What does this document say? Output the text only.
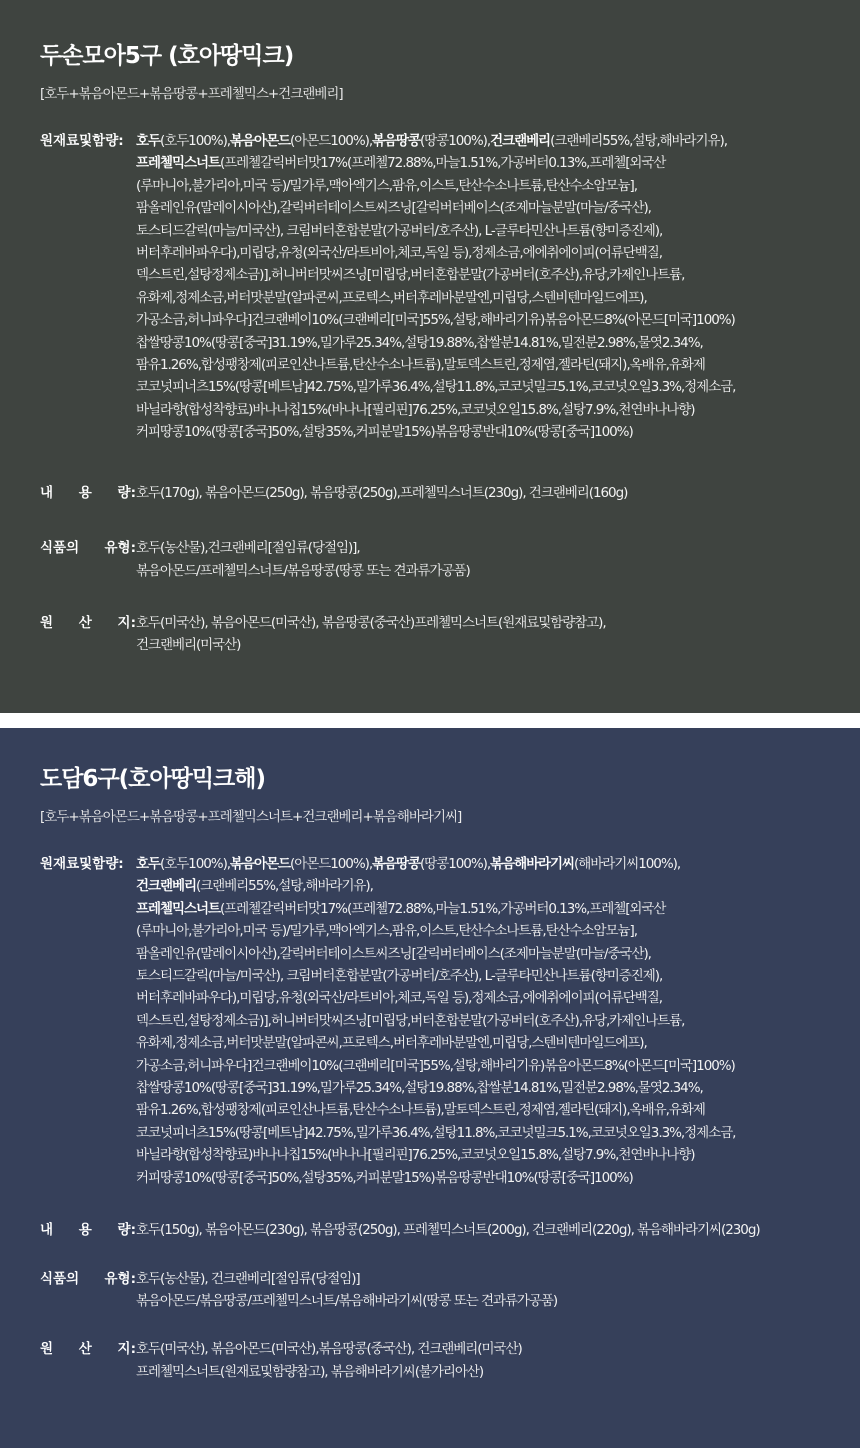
두손모아5구 (호아땅믹크)
[호두+볶음아몬드+볶음땅콩+프레첼믹스+건크랜베리]
원재료및함량: 호두(호두100%),볶음아몬드(아몬드100%),볶음땅콩(땅콩100%),건크랜베리(크랜베리55%,설탕,해바라기유),
프레첼믹스너트(프레첼갈릭버터맛17%(프레첼72.88%,마늘1.51%,가공버터0.13%,프레첼[외국산
(루마니아,불가리아,미국 등)/밀가루,맥아엑기스,팜유,이스트,탄산수소나트륨,탄산수소암모늄],
팜올레인유(말레이시아산),갈릭버터테이스트씨즈닝[갈릭버터베이스(조제마늘분말(마늘/중국산),
토스티드갈릭(마늘/미국산), 크림버터혼합분말(가공버터/호주산), L-글루타민산나트륨(향미증진제),
버터후레바파우다),미립당,유청(외국산/라트비아,체코,독일 등),정제소금,에에취에이피(어류단백질,
덱스트린,설탕정제소금)],허니버터맛씨즈닝[미립당,버터혼합분말(가공버터(호주산),유당,카제인나트륨,
유화제,정제소금,버터맛분말(알파콘씨,프로텍스,버터후레바분말엔,미립당,스텐비텐마일드에프),
가공소금,허니파우다]건크랜베이10%(크랜베리[미국]55%,설탕,해바리기유)볶음아몬드8%(아몬드[미국]100%)
찹쌀땅콩10%(땅콩[중국]31.19%,밀가루25.34%,설탕19.88%,찹쌀분14.81%,밀전분2.98%,물엿2.34%,
팜유1.26%,합성팽창제(피로인산나트륨,탄산수소나트륨),말토덱스트린,정제염,젤라틴(돼지),옥배유,유화제
코코넛피너츠15%(땅콩[베트남]42.75%,밀가루36.4%,설탕11.8%,코코넛밀크5.1%,코코넛오일3.3%,정제소금,
바닐라향(합성착향료)바나나칩15%(바나나[필리핀]76.25%,코코넛오일15.8%,설탕7.9%,천연바나나향)
커피땅콩10%(땅콩[중국]50%,설탕35%,커피분말15%)볶음땅콩반대10%(땅콩[중국]100%)
내 용 량: 호두(170g), 볶음아몬드(250g), 볶음땅콩(250g),프레첼믹스너트(230g), 건크랜베리(160g)
식품의 유형: 호두(농산물),건크랜베리[절임류(당절임)],
볶음아몬드/프레첼믹스너트/볶음땅콩(땅콩 또는 견과류가공품)
원 산 지: 호두(미국산), 볶음아몬드(미국산), 볶음땅콩(중국산)프레첼믹스너트(원재료및함량참고),
건크랜베리(미국산)
도담6구(호아땅믹크해)
[호두+볶음아몬드+볶음땅콩+프레첼믹스너트+건크랜베리+볶음해바라기씨]
원재료및함량: 호두(호두100%),볶음아몬드(아몬드100%),볶음땅콩(땅콩100%),볶음해바라기씨(해바라기씨100%),
건크랜베리(크랜베리55%,설탕,해바라기유),
프레첼믹스너트(프레첼갈릭버터맛17%(프레첼72.88%,마늘1.51%,가공버터0.13%,프레첼[외국산
(루마니아,불가리아,미국 등)/밀가루,맥아엑기스,팜유,이스트,탄산수소나트륨,탄산수소암모늄],
팜올레인유(말레이시아산),갈릭버터테이스트씨즈닝[갈릭버터베이스(조제마늘분말(마늘/중국산),
토스티드갈릭(마늘/미국산), 크림버터혼합분말(가공버터/호주산), L-글루타민산나트륨(향미증진제),
버터후레바파우다),미립당,유청(외국산/라트비아,체코,독일 등),정제소금,에에취에이피(어류단백질,
덱스트린,설탕정제소금)],허니버터맛씨즈닝[미립당,버터혼합분말(가공버터(호주산),유당,카제인나트륨,
유화제,정제소금,버터맛분말(알파콘씨,프로텍스,버터후레바분말엔,미립당,스텐비텐마일드에프),
가공소금,허니파우다]건크랜베이10%(크랜베리[미국]55%,설탕,해바리기유)볶음아몬드8%(아몬드[미국]100%)
찹쌀땅콩10%(땅콩[중국]31.19%,밀가루25.34%,설탕19.88%,찹쌀분14.81%,밀전분2.98%,물엿2.34%,
팜유1.26%,합성팽창제(피로인산나트륨,탄산수소나트륨),말토덱스트린,정제염,젤라틴(돼지),옥배유,유화제
코코넛피너츠15%(땅콩[베트남]42.75%,밀가루36.4%,설탕11.8%,코코넛밀크5.1%,코코넛오일3.3%,정제소금,
바닐라향(합성착향료)바나나칩15%(바나나[필리핀]76.25%,코코넛오일15.8%,설탕7.9%,천연바나나향)
커피땅콩10%(땅콩[중국]50%,설탕35%,커피분말15%)볶음땅콩반대10%(땅콩[중국]100%)
내 용 량: 호두(150g), 볶음아몬드(230g), 볶음땅콩(250g), 프레첼믹스너트(200g), 건크랜베리(220g), 볶음해바라기씨(230g)
식품의 유형: 호두(농산물), 건크랜베리[절임류(당절임)]
볶음아몬드/볶음땅콩/프레첼믹스너트/볶음해바라기씨(땅콩 또는 견과류가공품)
원 산 지: 호두(미국산), 볶음아몬드(미국산),볶음땅콩(중국산), 건크랜베리(미국산)
프레첼믹스너트(원재료및함량참고), 볶음해바라기씨(불가리아산)
